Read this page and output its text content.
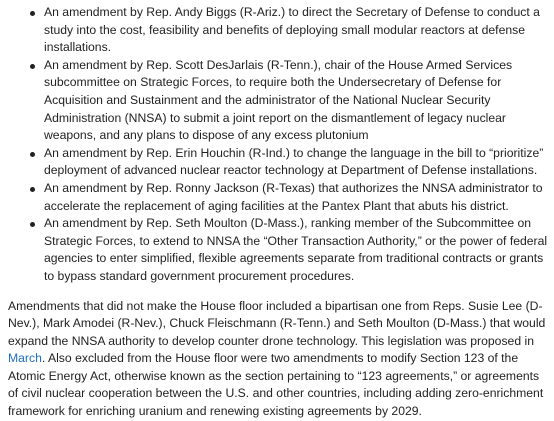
An amendment by Rep. Andy Biggs (R-Ariz.) to direct the Secretary of Defense to conduct a study into the cost, feasibility and benefits of deploying small modular reactors at defense installations.
An amendment by Rep. Scott DesJarlais (R-Tenn.), chair of the House Armed Services subcommittee on Strategic Forces, to require both the Undersecretary of Defense for Acquisition and Sustainment and the administrator of the National Nuclear Security Administration (NNSA) to submit a joint report on the dismantlement of legacy nuclear weapons, and any plans to dispose of any excess plutonium
An amendment by Rep. Erin Houchin (R-Ind.) to change the language in the bill to “prioritize” deployment of advanced nuclear reactor technology at Department of Defense installations.
An amendment by Rep. Ronny Jackson (R-Texas) that authorizes the NNSA administrator to accelerate the replacement of aging facilities at the Pantex Plant that abuts his district.
An amendment by Rep. Seth Moulton (D-Mass.), ranking member of the Subcommittee on Strategic Forces, to extend to NNSA the “Other Transaction Authority,” or the power of federal agencies to enter simplified, flexible agreements separate from traditional contracts or grants to bypass standard government procurement procedures.

Amendments that did not make the House floor included a bipartisan one from Reps. Susie Lee (D-Nev.), Mark Amodei (R-Nev.), Chuck Fleischmann (R-Tenn.) and Seth Moulton (D-Mass.) that would expand the NNSA authority to develop counter drone technology. This legislation was proposed in March. Also excluded from the House floor were two amendments to modify Section 123 of the Atomic Energy Act, otherwise known as the section pertaining to “123 agreements,” or agreements of civil nuclear cooperation between the U.S. and other countries, including adding zero-enrichment framework for enriching uranium and renewing existing agreements by 2029.
